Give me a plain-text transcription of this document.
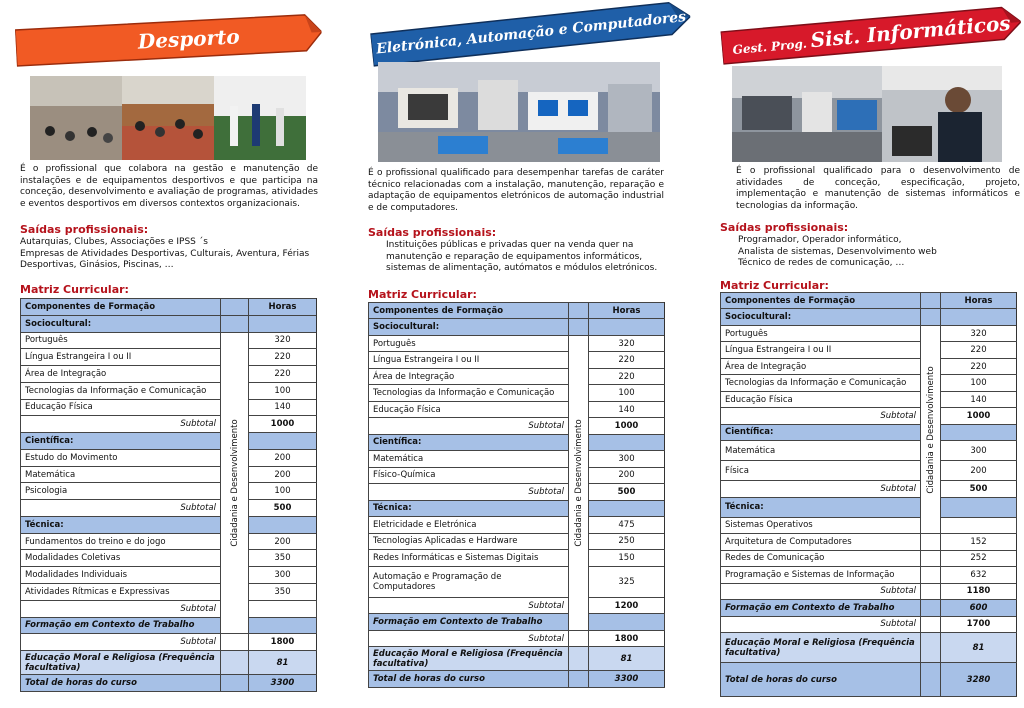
Desporto

É o profissional que colabora na gestão e manutenção de instalações e de equipamentos desportivos e que participa na conceção, desenvolvimento e avaliação de programas, atividades e eventos desportivos em diversos contextos organizacionais.

Saídas profissionais:
Autarquias, Clubes, Associações e IPSS ´s
Empresas de Atividades Desportivas, Culturais, Aventura, Férias Desportivas, Ginásios, Piscinas, …
Matriz Curricular:
Componentes de Formação		Horas	
Sociocultural:			
Português	Cidadania e Desenvolvimento	320	
Língua Estrangeira I ou II		220	
Área de Integração		220	
Tecnologias da Informação e Comunicação		100	
Educação Física		140	
Subtotal		1000	
Científica:			
Estudo do Movimento		200	
Matemática		200	
Psicologia		100	
Subtotal		500	
Técnica:			
Fundamentos do treino e do jogo		200	
Modalidades Coletivas		350	
Modalidades Individuais		300	
Atividades Rítmicas e Expressivas		350	
Subtotal		
Formação em Contexto de Trabalho		
Subtotal		1800	
Educação Moral e Religiosa (Frequência facultativa)		81	
Total de horas do curso		3300	
Eletrónica, Automação e Computadores

É o profissional qualificado para desempenhar tarefas de caráter técnico relacionadas com a instalação, manutenção, reparação e adaptação de equipamentos eletrónicos de automação industrial e de computadores.

Saídas profissionais:
Instituições públicas e privadas quer na venda quer na manutenção e reparação de equipamentos informáticos, sistemas de alimentação, autómatos e módulos eletrónicos.
Matriz Curricular:
Componentes de Formação		Horas	
Sociocultural:			
Português	Cidadania e Desenvolvimento	320	
Língua Estrangeira I ou II		220	
Área de Integração		220	
Tecnologias da Informação e Comunicação		100	
Educação Física		140	
Subtotal		1000	
Científica:			
Matemática		300	
Físico-Química		200	
Subtotal		500	
Técnica:			
Eletricidade e Eletrónica		475	
Tecnologias Aplicadas e Hardware		250	
Redes Informáticas e Sistemas Digitais		150	
Automação e Programação de Computadores		325	
Subtotal		1200	
Formação em Contexto de Trabalho		
Subtotal		1800	
Educação Moral e Religiosa (Frequência facultativa)		81	
Total de horas do curso		3300	
Gest. Prog. Sist. Informáticos

É o profissional qualificado para o desenvolvimento de atividades de conceção, especificação, projeto, implementação e manutenção de sistemas informáticos e tecnologias da informação.

Saídas profissionais:
Programador, Operador informático,
Analista de sistemas, Desenvolvimento web
Técnico de redes de comunicação, …
Matriz Curricular:
Componentes de Formação		Horas	
Sociocultural:			
Português	Cidadania e Desenvolvimento	320	
Língua Estrangeira I ou II		220	
Área de Integração		220	
Tecnologias da Informação e Comunicação		100	
Educação Física		140	
Subtotal		1000	
Científica:			
Matemática		300	
Física		200	
Subtotal		500	
Técnica:			
Sistemas Operativos		
Arquitetura de Computadores		152	
Redes de Comunicação		252	
Programação e Sistemas de Informação		632	
Subtotal		1180	
Formação em Contexto de Trabalho		600	
Subtotal		1700	
Educação Moral e Religiosa (Frequência facultativa)		81	
Total de horas do curso		3280	
